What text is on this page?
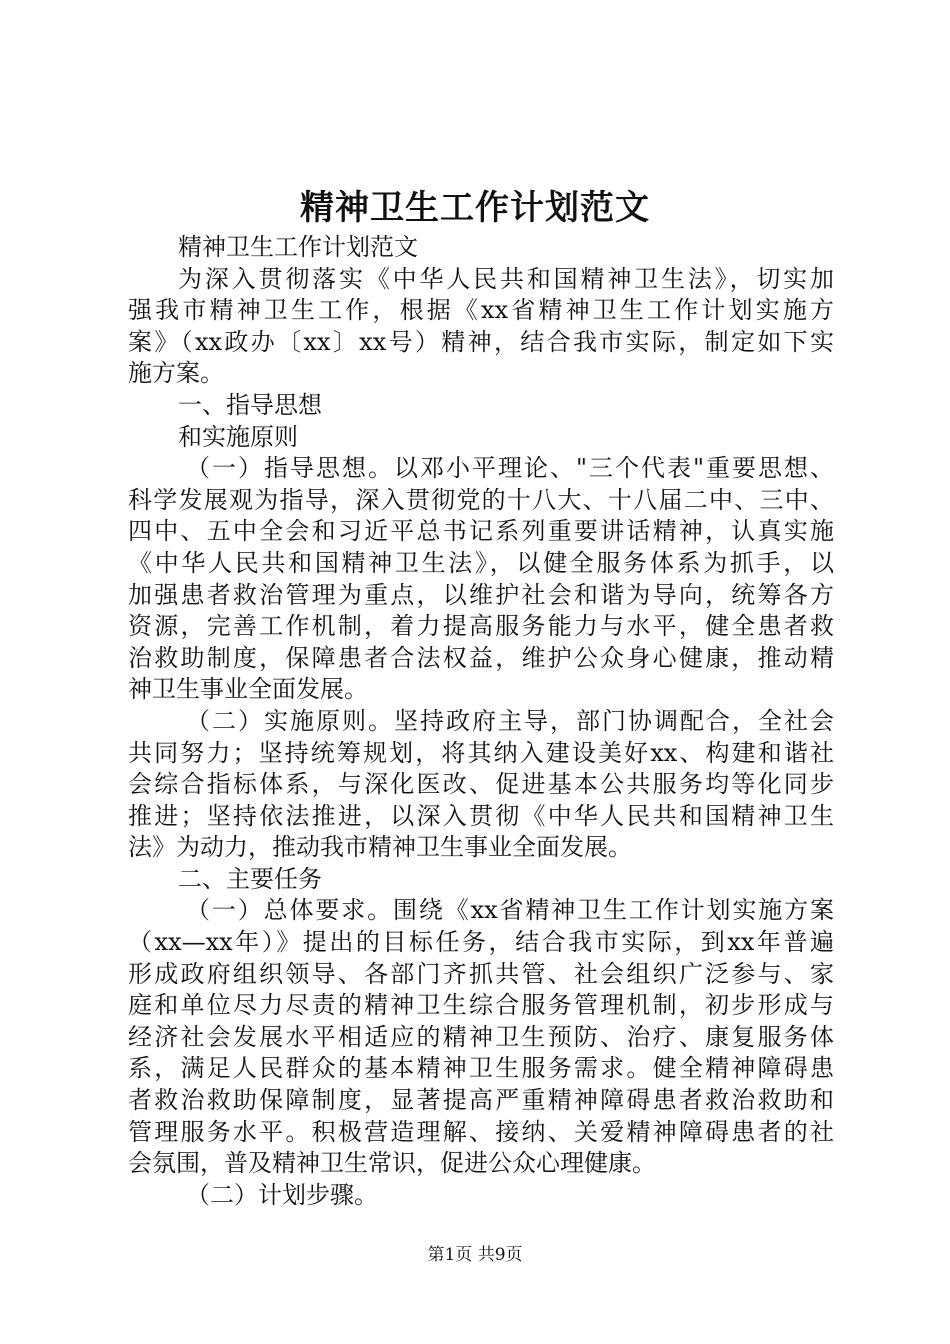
精神卫生工作计划范文
精神卫生工作计划范文
为深入贯彻落实《中华人民共和国精神卫生法》，切实加
强我市精神卫生工作，根据《xx省精神卫生工作计划实施方
案》（xx政办〔xx〕xx号）精神，结合我市实际，制定如下实
施方案。
一、指导思想
和实施原则
（一）指导思想。以邓小平理论、"三个代表"重要思想、
科学发展观为指导，深入贯彻党的十八大、十八届二中、三中、
四中、五中全会和习近平总书记系列重要讲话精神，认真实施
《中华人民共和国精神卫生法》，以健全服务体系为抓手，以
加强患者救治管理为重点，以维护社会和谐为导向，统筹各方
资源，完善工作机制，着力提高服务能力与水平，健全患者救
治救助制度，保障患者合法权益，维护公众身心健康，推动精
神卫生事业全面发展。
（二）实施原则。坚持政府主导，部门协调配合，全社会
共同努力；坚持统筹规划，将其纳入建设美好xx、构建和谐社
会综合指标体系，与深化医改、促进基本公共服务均等化同步
推进；坚持依法推进，以深入贯彻《中华人民共和国精神卫生
法》为动力，推动我市精神卫生事业全面发展。
二、主要任务
（一）总体要求。围绕《xx省精神卫生工作计划实施方案
（xx—xx年）》提出的目标任务，结合我市实际，到xx年普遍
形成政府组织领导、各部门齐抓共管、社会组织广泛参与、家
庭和单位尽力尽责的精神卫生综合服务管理机制，初步形成与
经济社会发展水平相适应的精神卫生预防、治疗、康复服务体
系，满足人民群众的基本精神卫生服务需求。健全精神障碍患
者救治救助保障制度，显著提高严重精神障碍患者救治救助和
管理服务水平。积极营造理解、接纳、关爱精神障碍患者的社
会氛围，普及精神卫生常识，促进公众心理健康。
（二）计划步骤。
第1页 共9页
